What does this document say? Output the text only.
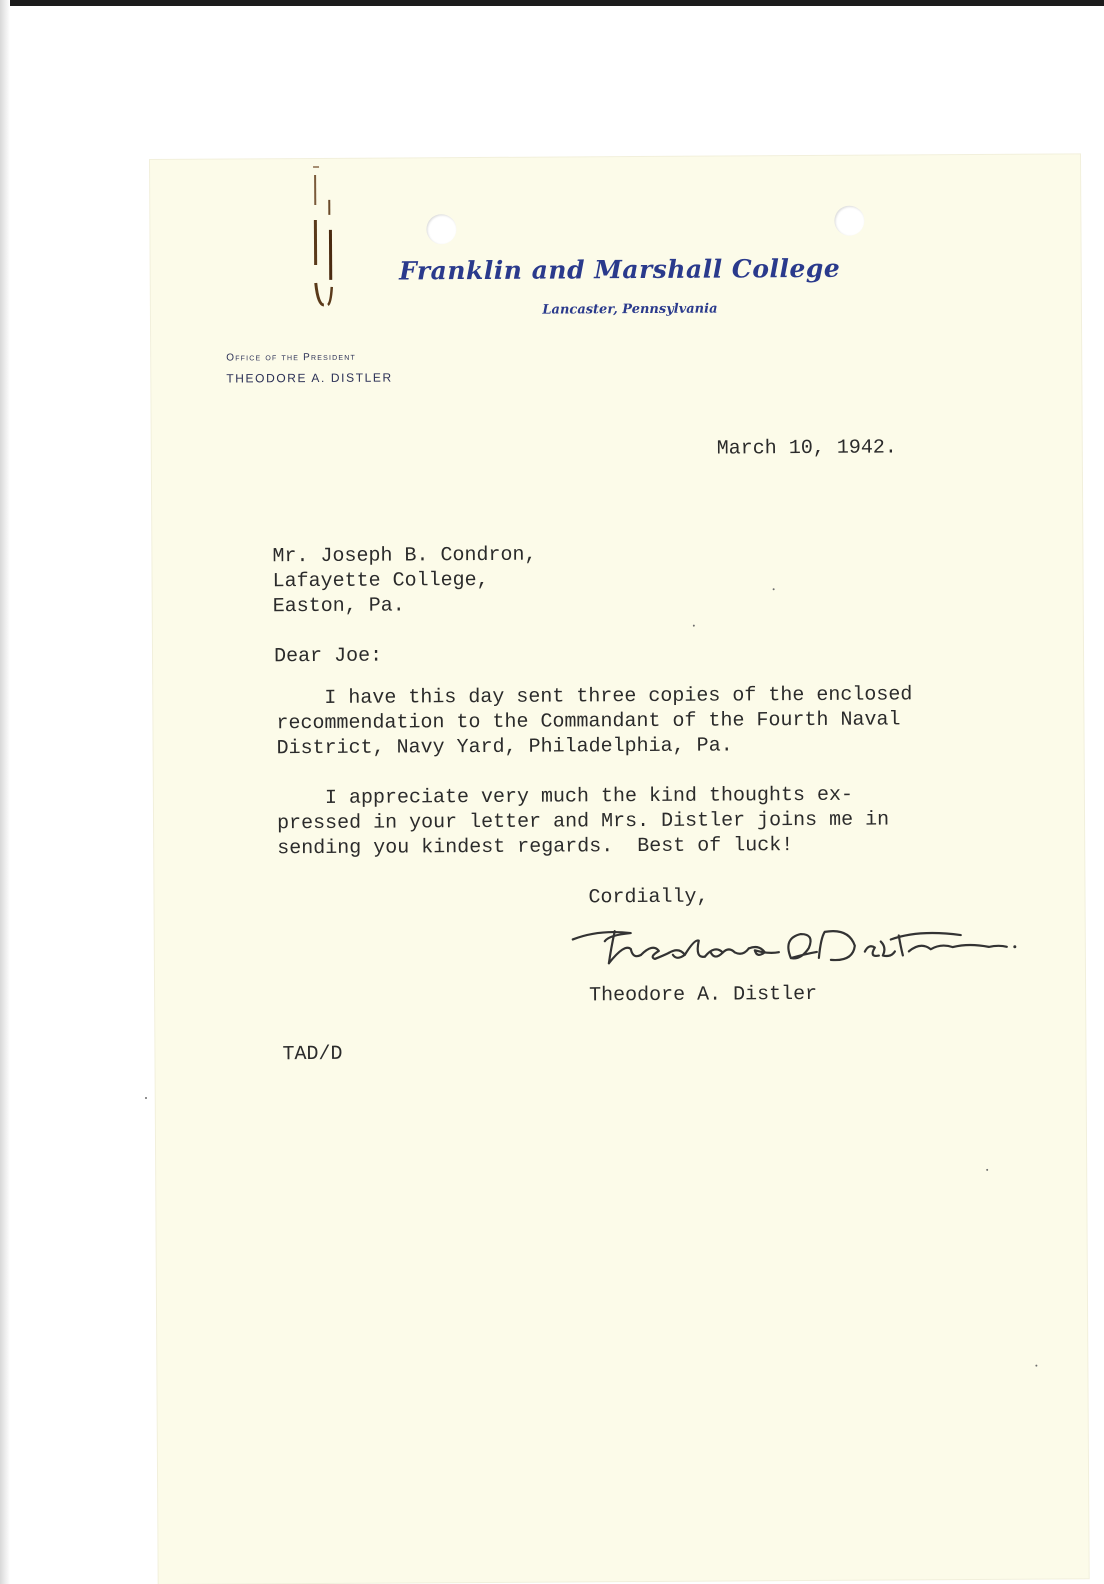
Franklin and Marshall College
Lancaster, Pennsylvania
Office of the President
THEODORE A. DISTLER
March 10, 1942.
Mr. Joseph B. Condron,
Lafayette College,
Easton, Pa.
Dear Joe:
I have this day sent three copies of the enclosed
recommendation to the Commandant of the Fourth Naval
District, Navy Yard, Philadelphia, Pa.
I appreciate very much the kind thoughts ex-
pressed in your letter and Mrs. Distler joins me in
sending you kindest regards.  Best of luck!
Cordially,
Theodore A. Distler
TAD/D
